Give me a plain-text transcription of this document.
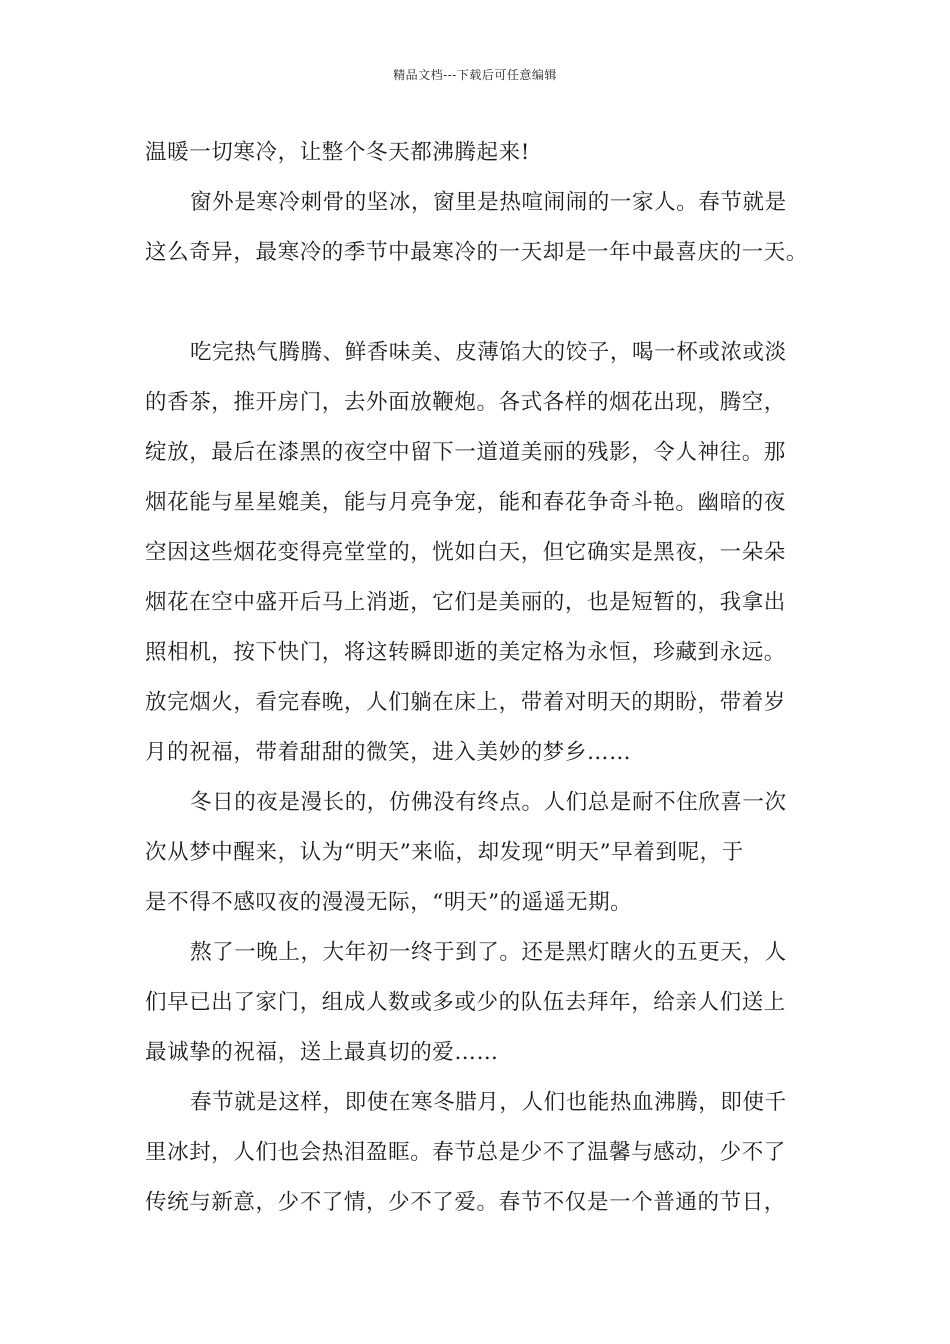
精品文档---下载后可任意编辑
温暖一切寒冷，让整个冬天都沸腾起来!
窗外是寒冷刺骨的坚冰，窗里是热喧闹闹的一家人。春节就是
这么奇异，最寒冷的季节中最寒冷的一天却是一年中最喜庆的一天。
吃完热气腾腾、鲜香味美、皮薄馅大的饺子，喝一杯或浓或淡
的香茶，推开房门，去外面放鞭炮。各式各样的烟花出现，腾空，
绽放，最后在漆黑的夜空中留下一道道美丽的残影，令人神往。那
烟花能与星星媲美，能与月亮争宠，能和春花争奇斗艳。幽暗的夜
空因这些烟花变得亮堂堂的，恍如白天，但它确实是黑夜，一朵朵
烟花在空中盛开后马上消逝，它们是美丽的，也是短暂的，我拿出
照相机，按下快门，将这转瞬即逝的美定格为永恒，珍藏到永远。
放完烟火，看完春晚，人们躺在床上，带着对明天的期盼，带着岁
月的祝福，带着甜甜的微笑，进入美妙的梦乡……
冬日的夜是漫长的，仿佛没有终点。人们总是耐不住欣喜一次
次从梦中醒来，认为“明天”来临，却发现“明天”早着到呢，于
是不得不感叹夜的漫漫无际，“明天”的遥遥无期。
熬了一晚上，大年初一终于到了。还是黑灯瞎火的五更天，人
们早已出了家门，组成人数或多或少的队伍去拜年，给亲人们送上
最诚挚的祝福，送上最真切的爱……
春节就是这样，即使在寒冬腊月，人们也能热血沸腾，即使千
里冰封，人们也会热泪盈眶。春节总是少不了温馨与感动，少不了
传统与新意，少不了情，少不了爱。春节不仅是一个普通的节日，
